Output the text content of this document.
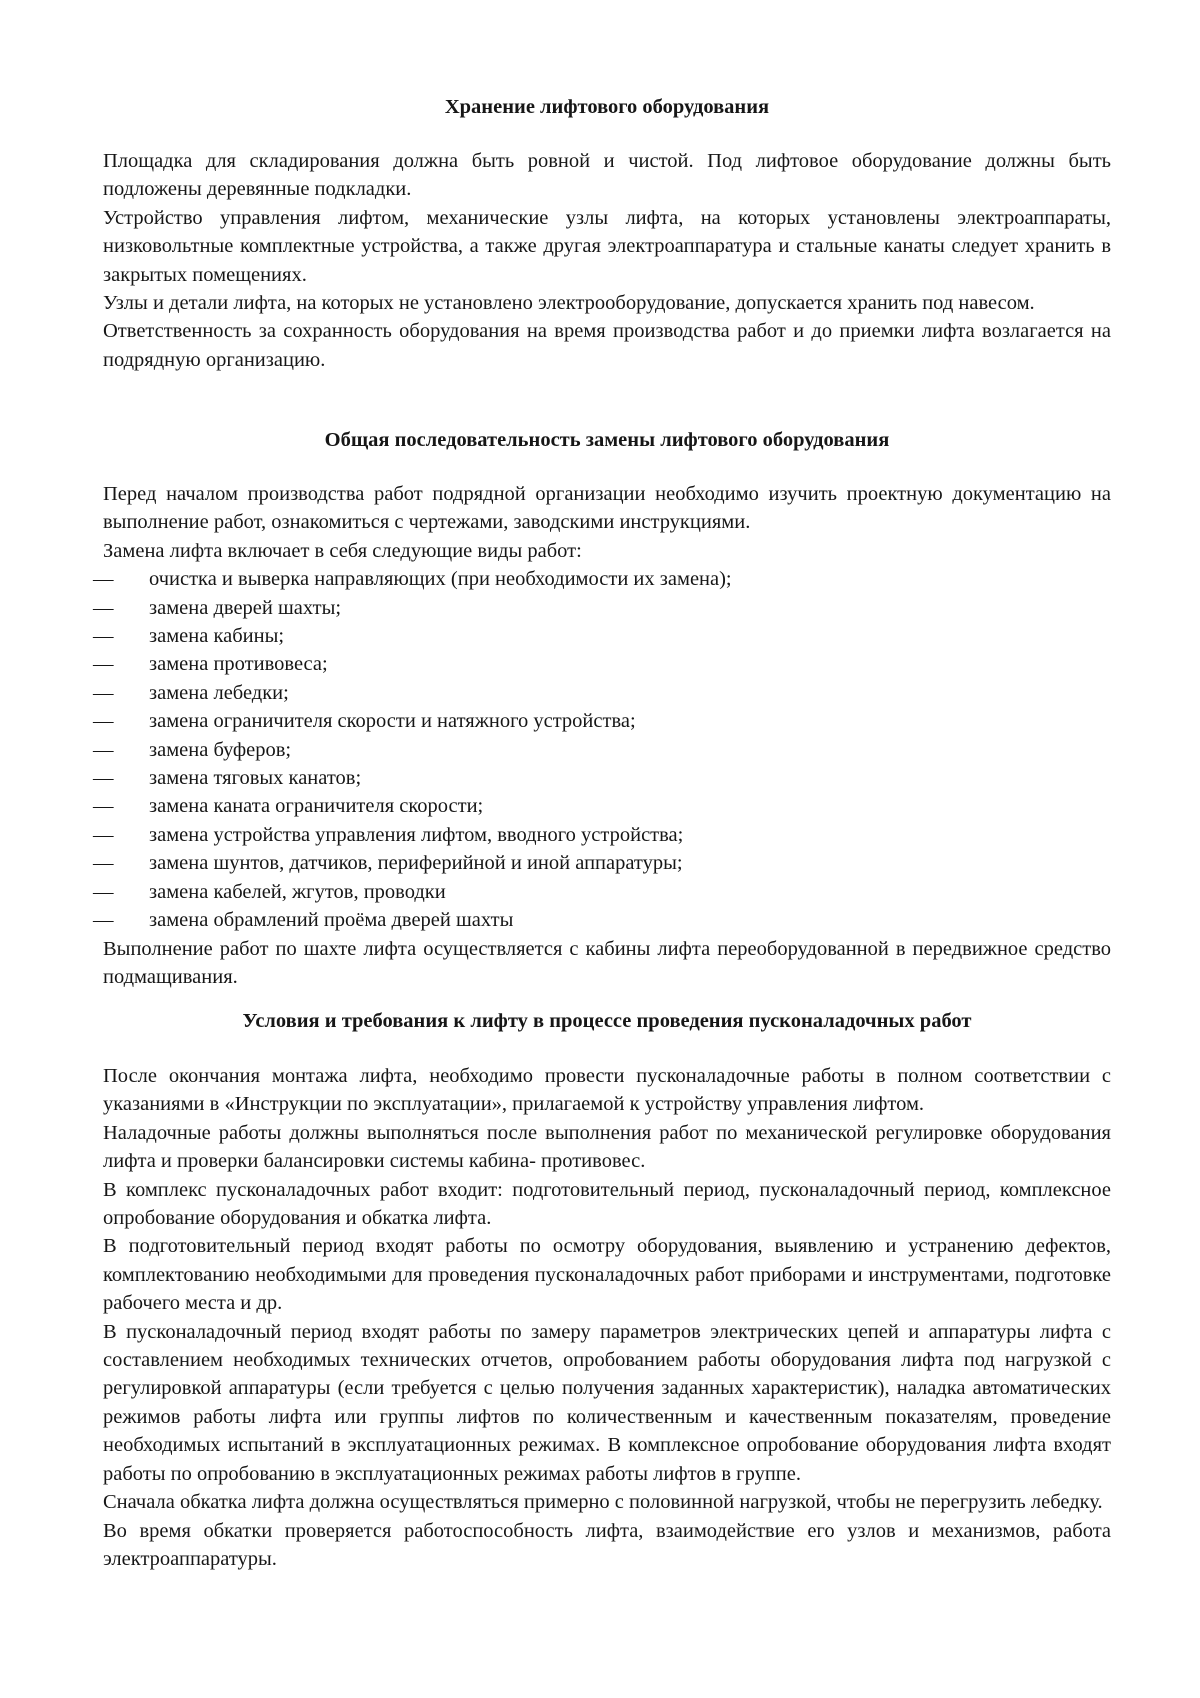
Хранение лифтового оборудования

Площадка для складирования должна быть ровной и чистой. Под лифтовое оборудование должны быть подложены деревянные подкладки.

Устройство управления лифтом, механические узлы лифта, на которых установлены электроаппараты, низковольтные комплектные устройства, а также другая электроаппаратура и стальные канаты следует хранить в закрытых помещениях.

Узлы и детали лифта, на которых не установлено электрооборудование, допускается хранить под навесом.

Ответственность за сохранность оборудования на время производства работ и до приемки лифта возлагается на подрядную организацию.

Общая последовательность замены лифтового оборудования

Перед началом производства работ подрядной организации необходимо изучить проектную документацию на выполнение работ, ознакомиться с чертежами, заводскими инструкциями.

Замена лифта включает в себя следующие виды работ:

—	очистка и выверка направляющих (при необходимости их замена);
—	замена дверей шахты;
—	замена кабины;
—	замена противовеса;
—	замена лебедки;
—	замена ограничителя скорости и натяжного устройства;
—	замена буферов;
—	замена тяговых канатов;
—	замена каната ограничителя скорости;
—	замена устройства управления лифтом, вводного устройства;
—	замена шунтов, датчиков, периферийной и иной аппаратуры;
—	замена кабелей, жгутов, проводки
—	замена обрамлений проёма дверей шахты

Выполнение работ по шахте лифта осуществляется с кабины лифта переоборудованной в передвижное средство подмащивания.

Условия и требования к лифту в процессе проведения пусконаладочных работ

После окончания монтажа лифта, необходимо провести пусконаладочные работы в полном соответствии с указаниями в «Инструкции по эксплуатации», прилагаемой к устройству управления лифтом.

Наладочные работы должны выполняться после выполнения работ по механической регулировке оборудования лифта и проверки балансировки системы кабина- противовес.

В комплекс пусконаладочных работ входит: подготовительный период, пусконаладочный период, комплексное опробование оборудования и обкатка лифта.

В подготовительный период входят работы по осмотру оборудования, выявлению и устранению дефектов, комплектованию необходимыми для проведения пусконаладочных работ приборами и инструментами, подготовке рабочего места и др.

В пусконаладочный период входят работы по замеру параметров электрических цепей и аппаратуры лифта с составлением необходимых технических отчетов, опробованием работы оборудования лифта под нагрузкой с регулировкой аппаратуры (если требуется с целью получения заданных характеристик), наладка автоматических режимов работы лифта или группы лифтов по количественным и качественным показателям, проведение необходимых испытаний в эксплуатационных режимах. В комплексное опробование оборудования лифта входят работы по опробованию в эксплуатационных режимах работы лифтов в группе.

Сначала обкатка лифта должна осуществляться примерно с половинной нагрузкой, чтобы не перегрузить лебедку.

Во время обкатки проверяется работоспособность лифта, взаимодействие его узлов и механизмов, работа электроаппаратуры.
